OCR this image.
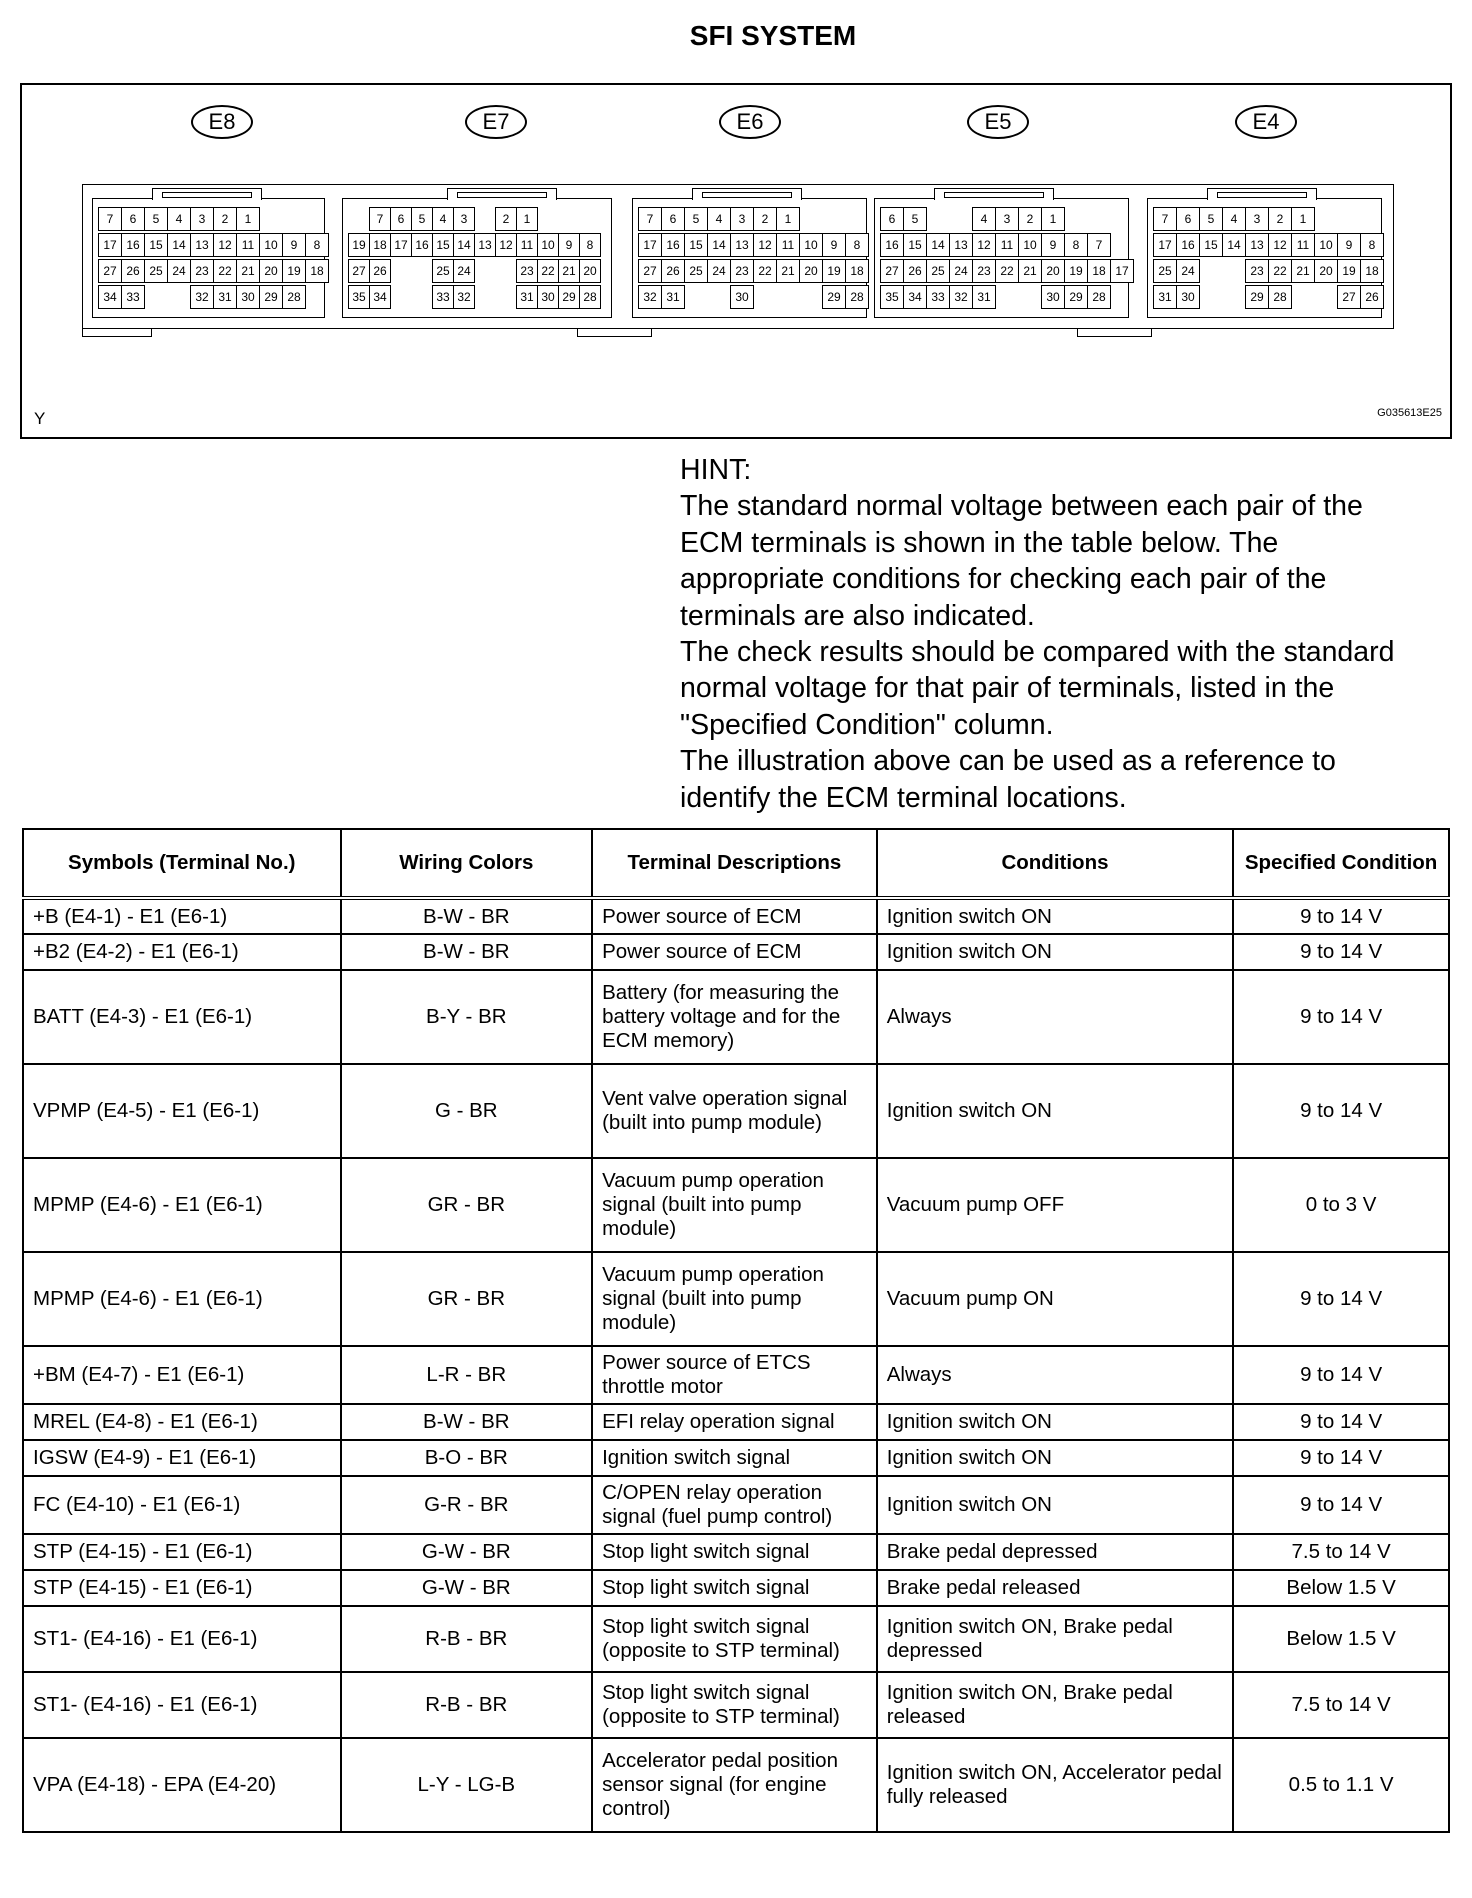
SFI SYSTEM
E8
7	6	5	4	3	2	1
17 16 15 14 13 12 11 10	9	8
27 26 25 24 23 22 21 20 19 18
34 33	32 31 30 29 28
E7
7	6	5	4	3	2	1
19 18 17 16 15 14 13 12 11 10 9	8
27 26	25 24	23 22 21 20
35 34	33 32	31 30 29 28
E6
7	6	5	4	3	2	1
17 16 15 14 13 12 11 10	9	8
27 26 25 24 23 22 21 20 19 18
32 31	30	29 28
E5
6	5	4	3	2	1
16 15 14 13 12 11 10	9	8	7
27 26 25 24 23 22 21 20 19 18 17
35 34 33 32 31	30 29 28
E4
7	6	5	4	3	2	1
17 16 15 14 13 12 11 10	9	8
25 24	23 22 21 20 19 18
31 30	29 28	27 26
Y	G035613E25
HINT:
The standard normal voltage between each pair of the
ECM terminals is shown in the table below. The
appropriate conditions for checking each pair of the
terminals are also indicated.
The check results should be compared with the standard
normal voltage for that pair of terminals, listed in the
"Specified Condition" column.
The illustration above can be used as a reference to
identify the ECM terminal locations.
Symbols (Terminal No.)	Wiring Colors	Terminal Descriptions	Conditions	Specified Condition
+B (E4-1) - E1 (E6-1)	B-W - BR	Power source of ECM	Ignition switch ON	9 to 14 V
+B2 (E4-2) - E1 (E6-1)	B-W - BR	Power source of ECM	Ignition switch ON	9 to 14 V
BATT (E4-3) - E1 (E6-1)	B-Y - BR	Battery (for measuring the battery voltage and for the ECM memory)	Always	9 to 14 V
VPMP (E4-5) - E1 (E6-1)	G - BR	Vent valve operation signal (built into pump module)	Ignition switch ON	9 to 14 V
MPMP (E4-6) - E1 (E6-1)	GR - BR	Vacuum pump operation signal (built into pump module)	Vacuum pump OFF	0 to 3 V
MPMP (E4-6) - E1 (E6-1)	GR - BR	Vacuum pump operation signal (built into pump module)	Vacuum pump ON	9 to 14 V
+BM (E4-7) - E1 (E6-1)	L-R - BR	Power source of ETCS throttle motor	Always	9 to 14 V
MREL (E4-8) - E1 (E6-1)	B-W - BR	EFI relay operation signal	Ignition switch ON	9 to 14 V
IGSW (E4-9) - E1 (E6-1)	B-O - BR	Ignition switch signal	Ignition switch ON	9 to 14 V
FC (E4-10) - E1 (E6-1)	G-R - BR	C/OPEN relay operation signal (fuel pump control)	Ignition switch ON	9 to 14 V
STP (E4-15) - E1 (E6-1)	G-W - BR	Stop light switch signal	Brake pedal depressed	7.5 to 14 V
STP (E4-15) - E1 (E6-1)	G-W - BR	Stop light switch signal	Brake pedal released	Below 1.5 V
ST1- (E4-16) - E1 (E6-1)	R-B - BR	Stop light switch signal (opposite to STP terminal)	Ignition switch ON, Brake pedal depressed	Below 1.5 V
ST1- (E4-16) - E1 (E6-1)	R-B - BR	Stop light switch signal (opposite to STP terminal)	Ignition switch ON, Brake pedal released	7.5 to 14 V
VPA (E4-18) - EPA (E4-20)	L-Y - LG-B	Accelerator pedal position sensor signal (for engine control)	Ignition switch ON, Accelerator pedal fully released	0.5 to 1.1 V
